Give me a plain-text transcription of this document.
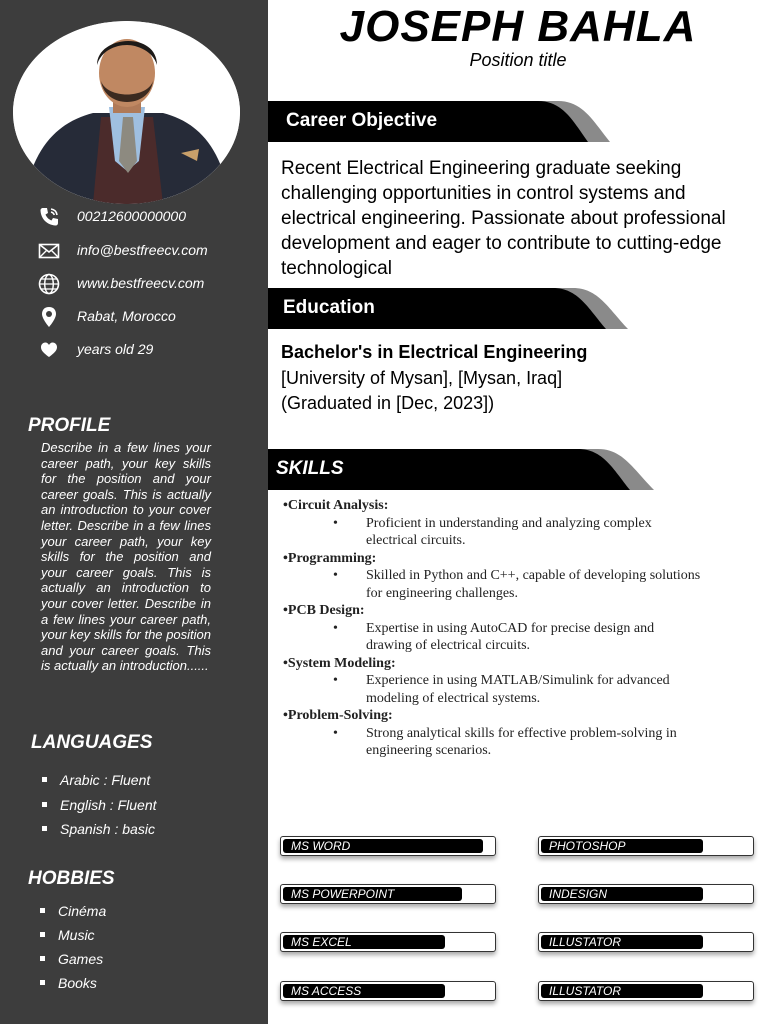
00212600000000
info@bestfreecv.com
www.bestfreecv.com
Rabat, Morocco
years old 29
PROFILE
Describe in a few lines your career path, your key skills for the position and your career goals. This is actually an introduction to your cover letter. Describe in a few lines your career path, your key skills for the position and your career goals. This is actually an introduction to your cover letter. Describe in a few lines your career path, your key skills for the position and your career goals. This is actually an introduction......
LANGUAGES
Arabic : Fluent
English : Fluent
Spanish : basic
HOBBIES
Cinéma
Music
Games
Books
JOSEPH BAHLA
Position title
Career Objective
Recent Electrical Engineering graduate seeking challenging opportunities in control systems and electrical engineering. Passionate about professional development and eager to contribute to cutting-edge technological
Education
Bachelor's in Electrical Engineering
[University of Mysan], [Mysan, Iraq]
(Graduated in [Dec, 2023])
SKILLS
•Circuit Analysis:
• Proficient in understanding and analyzing complex electrical circuits.
•Programming:
• Skilled in Python and C++, capable of developing solutions for engineering challenges.
•PCB Design:
• Expertise in using AutoCAD for precise design and drawing of electrical circuits.
•System Modeling:
• Experience in using MATLAB/Simulink for advanced modeling of electrical systems.
•Problem-Solving:
• Strong analytical skills for effective problem-solving in engineering scenarios.
MS WORD	PHOTOSHOP
MS POWERPOINT	INDESIGN
MS EXCEL	ILLUSTATOR
MS ACCESS	ILLUSTATOR
